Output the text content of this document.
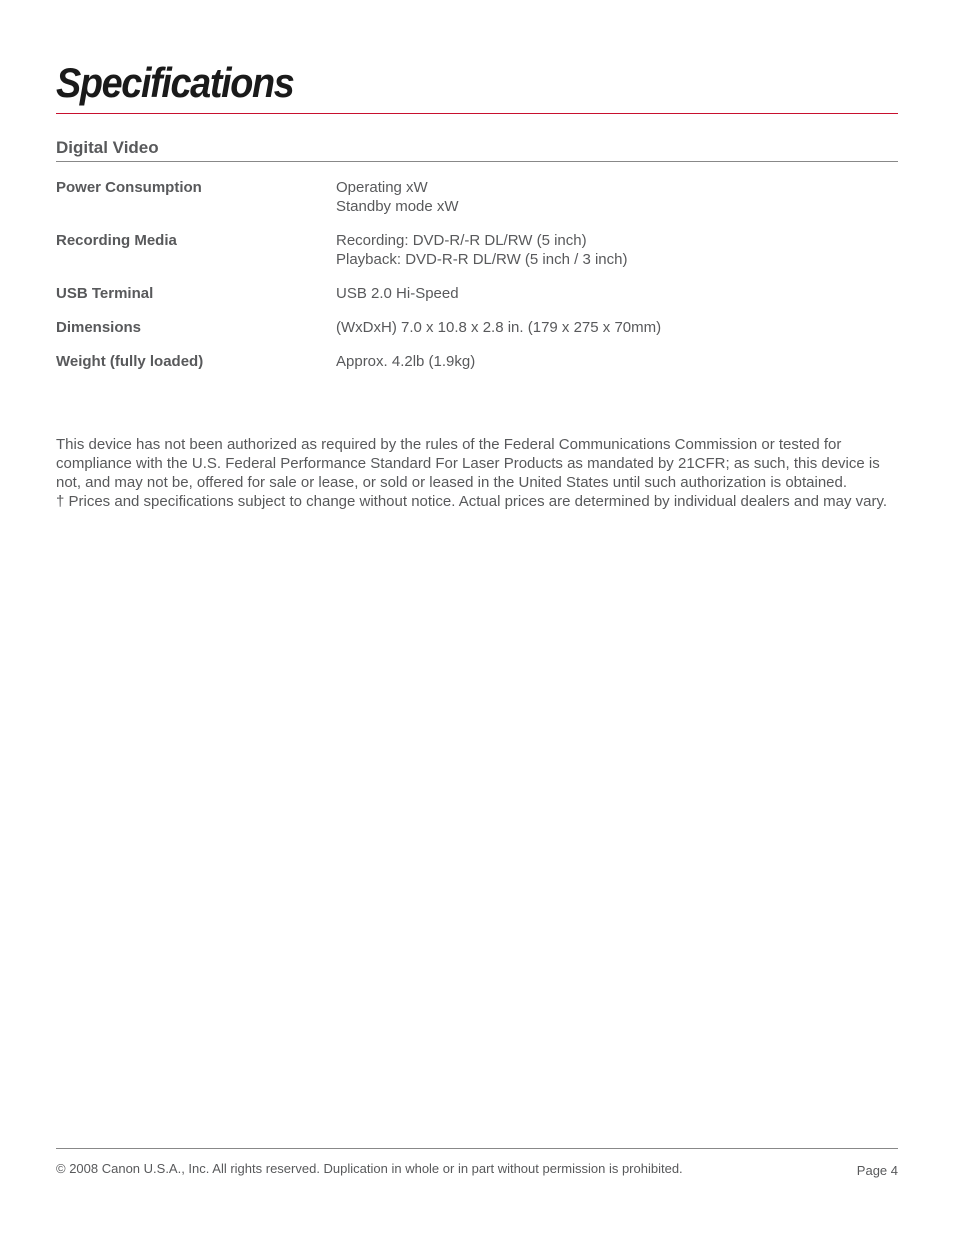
Specifications
Digital Video
Power Consumption	Operating xW
Standby mode xW
Recording Media	Recording: DVD-R/-R DL/RW (5 inch)
Playback: DVD-R-R DL/RW (5 inch / 3 inch)
USB Terminal	USB 2.0 Hi-Speed
Dimensions	(WxDxH) 7.0 x 10.8 x 2.8 in. (179 x 275 x 70mm)
Weight (fully loaded)	Approx. 4.2lb (1.9kg)

This device has not been authorized as required by the rules of the Federal Communications Commission or tested for compliance with the U.S. Federal Performance Standard For Laser Products as mandated by 21CFR; as such, this device is not, and may not be, offered for sale or lease, or sold or leased in the United States until such authorization is obtained.

† Prices and specifications subject to change without notice. Actual prices are determined by individual dealers and may vary.

© 2008 Canon U.S.A., Inc. All rights reserved. Duplication in whole or in part without permission is prohibited.	Page 4
